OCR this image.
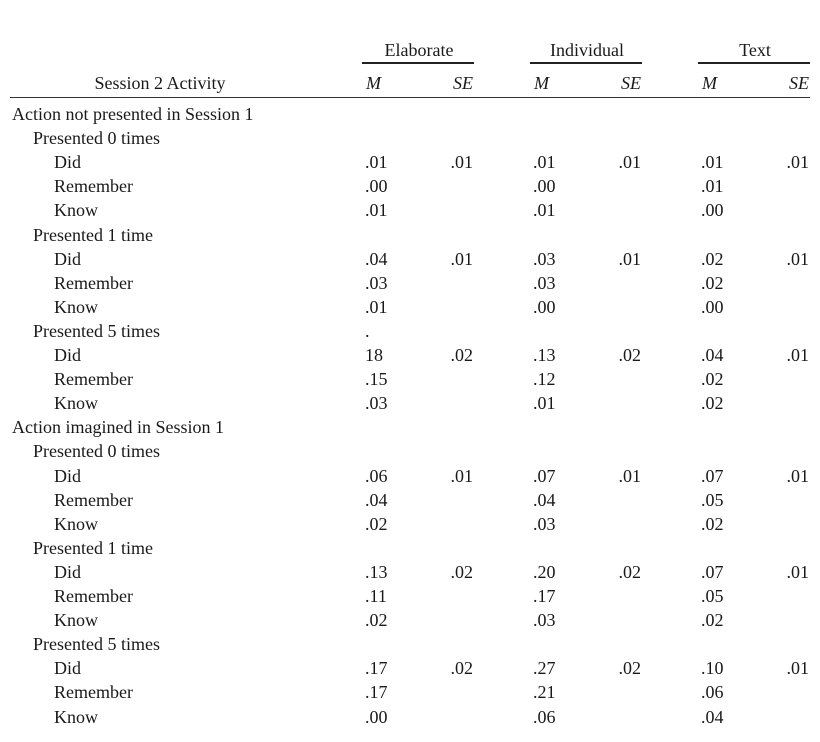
Elaborate	Individual	Text
Session 2 Activity	M	SE	M	SE	M	SE
Action not presented in Session 1
Presented 0 times
Did	.01	.01	.01	.01	.01	.01
Remember	.00	.00	.01
Know	.01	.01	.00
Presented 1 time
Did	.04	.01	.03	.01	.02	.01
Remember	.03	.03	.02
Know	.01	.00	.00
Presented 5 times	.
Did	18	.02	.13	.02	.04	.01
Remember	.15	.12	.02
Know	.03	.01	.02
Action imagined in Session 1
Presented 0 times
Did	.06	.01	.07	.01	.07	.01
Remember	.04	.04	.05
Know	.02	.03	.02
Presented 1 time
Did	.13	.02	.20	.02	.07	.01
Remember	.11	.17	.05
Know	.02	.03	.02
Presented 5 times
Did	.17	.02	.27	.02	.10	.01
Remember	.17	.21	.06
Know	.00	.06	.04
